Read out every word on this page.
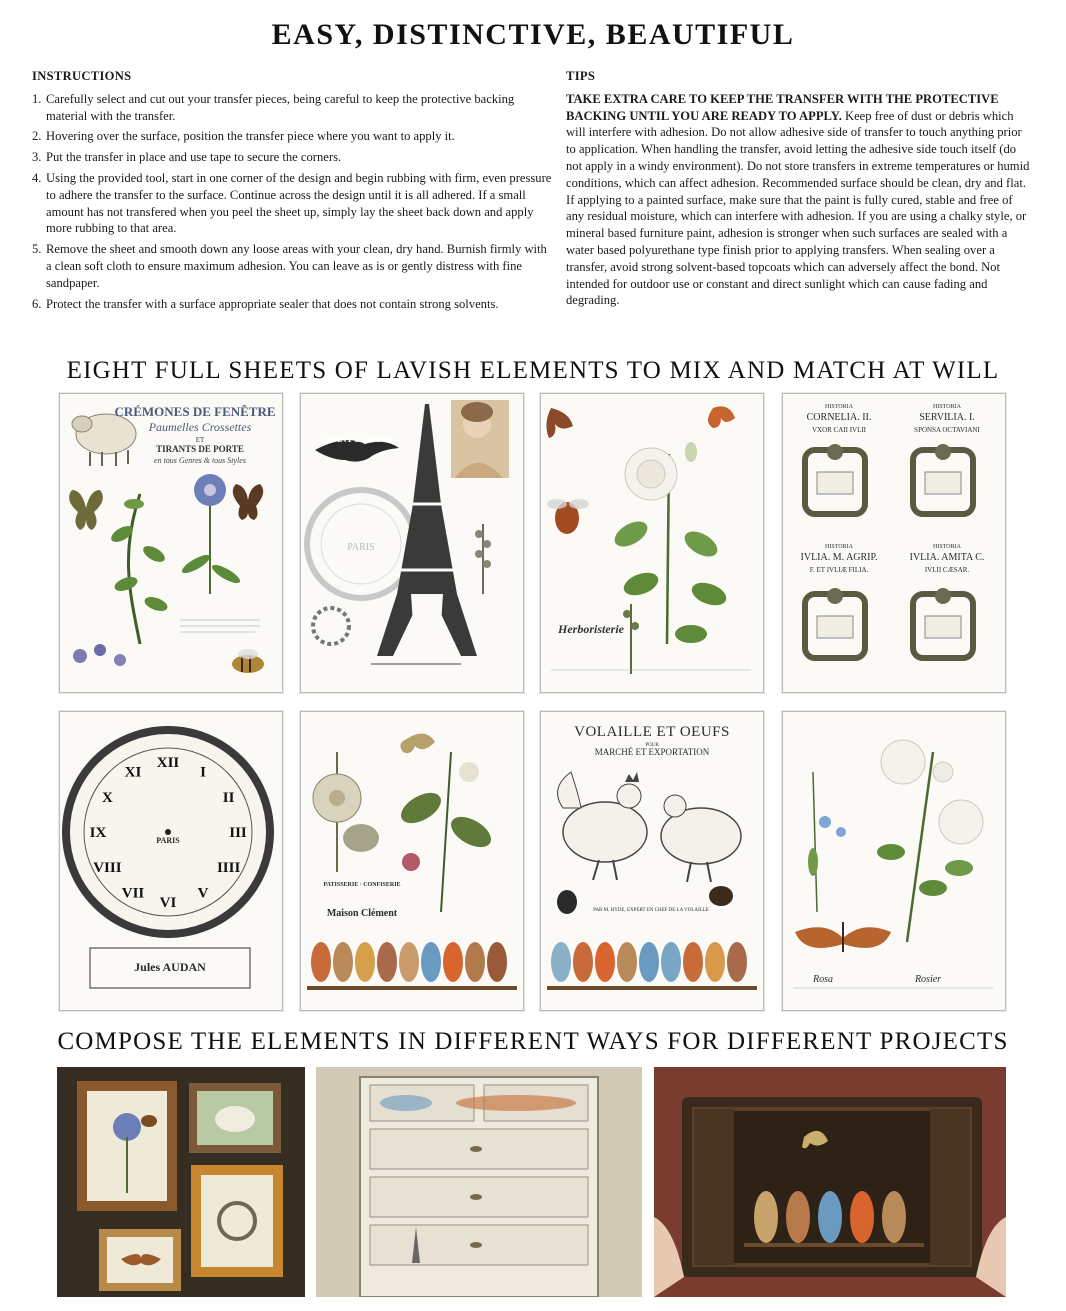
EASY, DISTINCTIVE, BEAUTIFUL
INSTRUCTIONS
1. Carefully select and cut out your transfer pieces, being careful to keep the protective backing material with the transfer.
2. Hovering over the surface, position the transfer piece where you want to apply it.
3. Put the transfer in place and use tape to secure the corners.
4. Using the provided tool, start in one corner of the design and begin rubbing with firm, even pressure to adhere the transfer to the surface. Continue across the design until it is all adhered. If a small amount has not transfered when you peel the sheet up, simply lay the sheet back down and apply more rubbing to that area.
5. Remove the sheet and smooth down any loose areas with your clean, dry hand. Burnish firmly with a clean soft cloth to ensure maximum adhesion. You can leave as is or gently distress with fine sandpaper.
6. Protect the transfer with a surface appropriate sealer that does not contain strong solvents.
TIPS

TAKE EXTRA CARE TO KEEP THE TRANSFER WITH THE PROTECTIVE BACKING UNTIL YOU ARE READY TO APPLY. Keep free of dust or debris which will interfere with adhesion. Do not allow adhesive side of transfer to touch anything prior to application. When handling the transfer, avoid letting the adhesive side touch itself (do not apply in a windy environment). Do not store transfers in extreme temperatures or humid conditions, which can affect adhesion. Recommended surface should be clean, dry and flat. If applying to a painted surface, make sure that the paint is fully cured, stable and free of any residual moisture, which can interfere with adhesion. If you are using a chalky style, or mineral based furniture paint, adhesion is stronger when such surfaces are sealed with a water based polyurethane type finish prior to applying transfers. When sealing over a transfer, avoid strong solvent-based topcoats which can adversely affect the bond. Not intended for outdoor use or constant and direct sunlight which can cause fading and degrading.

EIGHT FULL SHEETS OF LAVISH ELEMENTS TO MIX AND MATCH AT WILL
CRÉMONES DE FENÊTRE
Paumelles Crossettes
ET
TIRANTS DE PORTE
en tous Genres & tous Styles
CHANT DU SOIR
PARIS
Herboristerie
HISTORIA
CORNELIA. II.
VXOR CAII IVLII
HISTORIA
SERVILIA. I.
SPONSA OCTAVIANI
HISTORIA
IVLIA. M. AGRIP.
F. ET IVLIÆ FILIA.
HISTORIA
IVLIA. AMITA C.
IVLII CÆSAR.
XII
I
II
III
IIII
V
VI
VII
VIII
IX
X
XI
PARIS
Jules AUDAN
PATISSERIE · CONFISERIE
Maison Clément
VOLAILLE ET OEUFS
POUR
MARCHÉ ET EXPORTATION
PAR M. HYDE, EXPERT EN CHEF DE LA VOLAILLE
Rosa	Rosier
COMPOSE THE ELEMENTS IN DIFFERENT WAYS FOR DIFFERENT PROJECTS
